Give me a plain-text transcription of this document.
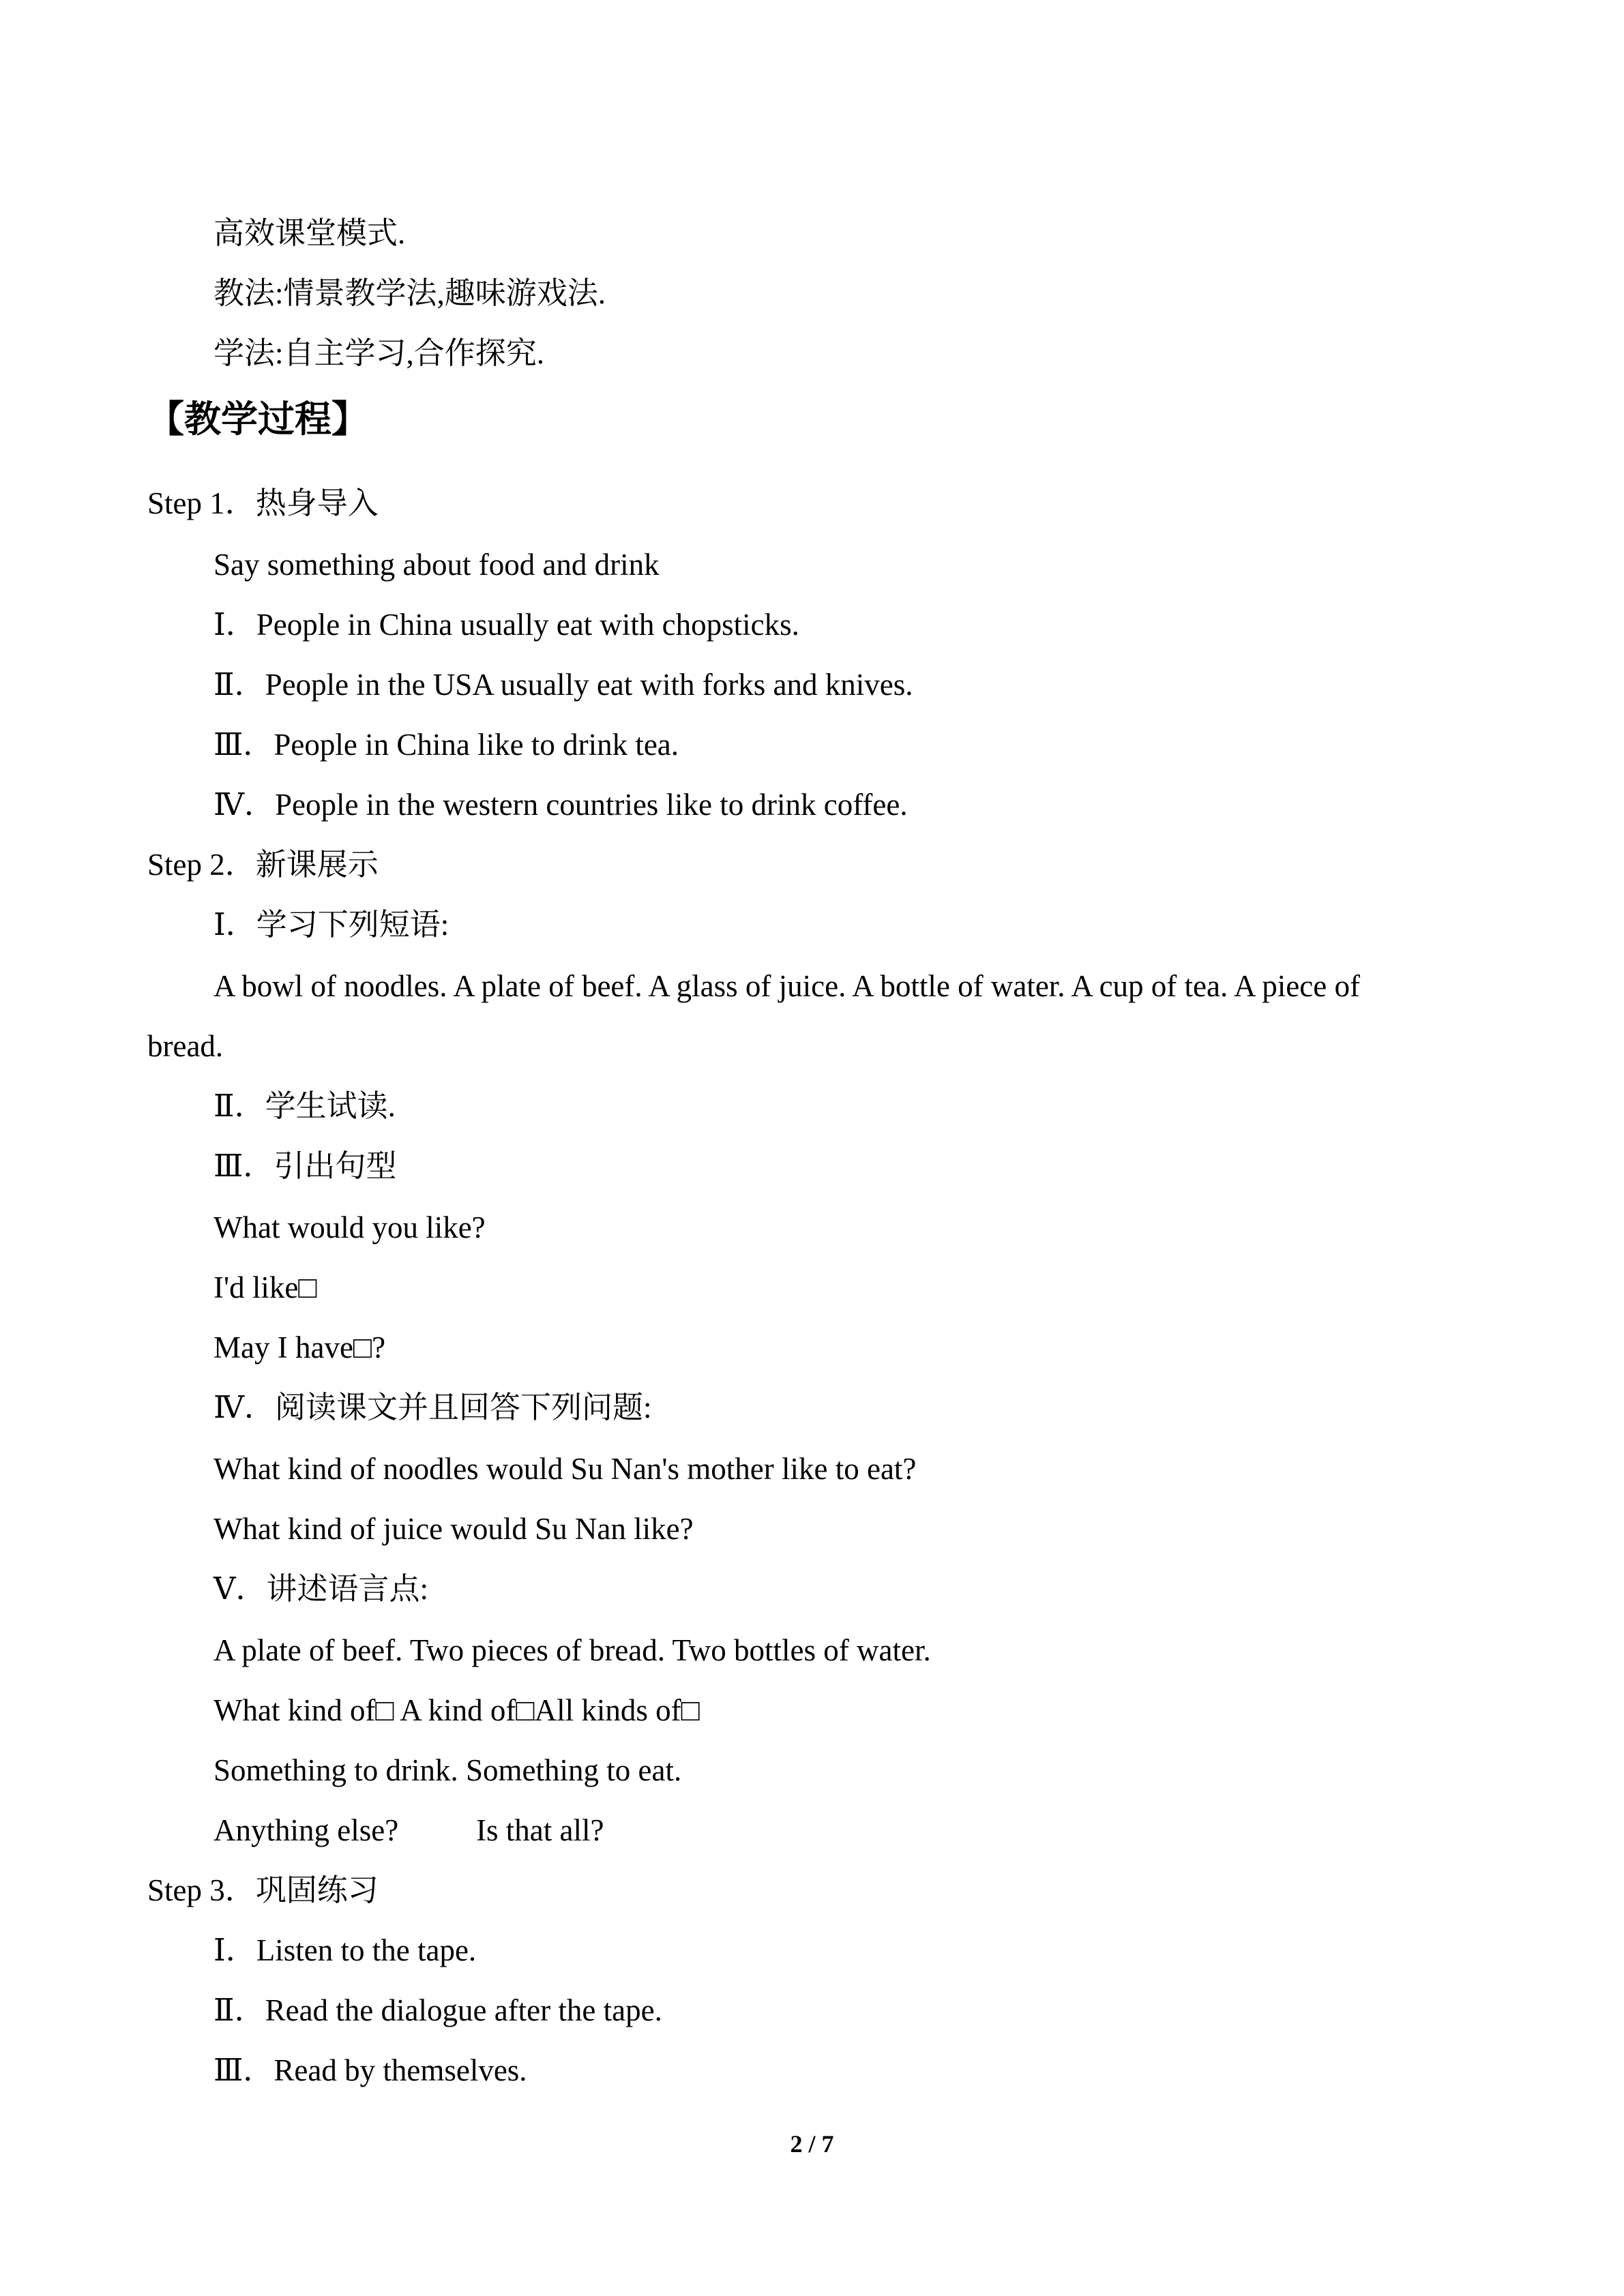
高效课堂模式.
教法:情景教学法,趣味游戏法.
学法:自主学习,合作探究.
【教学过程】
Step 1．热身导入
Say something about food and drink
Ⅰ．People in China usually eat with chopsticks.
Ⅱ．People in the USA usually eat with forks and knives.
Ⅲ．People in China like to drink tea.
Ⅳ．People in the western countries like to drink coffee.
Step 2．新课展示
Ⅰ．学习下列短语:
A bowl of noodles. A plate of beef. A glass of juice. A bottle of water. A cup of tea. A piece of
bread.
Ⅱ．学生试读.
Ⅲ．引出句型
What would you like?
I'd like□
May I have□?
Ⅳ．阅读课文并且回答下列问题:
What kind of noodles would Su Nan's mother like to eat?
What kind of juice would Su Nan like?
Ⅴ．讲述语言点:
A plate of beef. Two pieces of bread. Two bottles of water.
What kind of□ A kind of□All kinds of□
Something to drink. Something to eat.
Anything else?	Is that all?
Step 3．巩固练习
Ⅰ．Listen to the tape.
Ⅱ．Read the dialogue after the tape.
Ⅲ．Read by themselves.
2 / 7
